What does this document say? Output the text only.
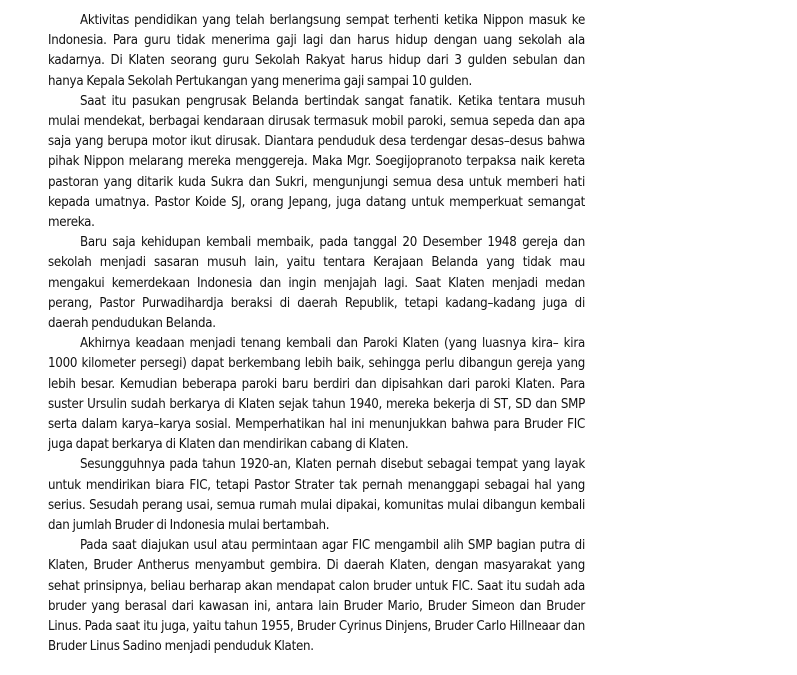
Aktivitas pendidikan yang telah berlangsung sempat terhenti ketika Nippon masuk ke Indonesia. Para guru tidak menerima gaji lagi dan harus hidup dengan uang sekolah ala kadarnya. Di Klaten seorang guru Sekolah Rakyat harus hidup dari 3 gulden sebulan dan hanya Kepala Sekolah Pertukangan yang menerima gaji sampai 10 gulden.

Saat itu pasukan pengrusak Belanda bertindak sangat fanatik. Ketika tentara musuh mulai mendekat, berbagai kendaraan dirusak termasuk mobil paroki, semua sepeda dan apa saja yang berupa motor ikut dirusak. Diantara penduduk desa terdengar desas–desus bahwa pihak Nippon melarang mereka menggereja. Maka Mgr. Soegijopranoto terpaksa naik kereta pastoran yang ditarik kuda Sukra dan Sukri, mengunjungi semua desa untuk memberi hati kepada umatnya. Pastor Koide SJ, orang Jepang, juga datang untuk memperkuat semangat mereka.

Baru saja kehidupan kembali membaik, pada tanggal 20 Desember 1948 gereja dan sekolah menjadi sasaran musuh lain, yaitu tentara Kerajaan Belanda yang tidak mau mengakui kemerdekaan Indonesia dan ingin menjajah lagi. Saat Klaten menjadi medan perang, Pastor Purwadihardja beraksi di daerah Republik, tetapi kadang–kadang juga di daerah pendudukan Belanda.

Akhirnya keadaan menjadi tenang kembali dan Paroki Klaten (yang luasnya kira– kira 1000 kilometer persegi) dapat berkembang lebih baik, sehingga perlu dibangun gereja yang lebih besar. Kemudian beberapa paroki baru berdiri dan dipisahkan dari paroki Klaten. Para suster Ursulin sudah berkarya di Klaten sejak tahun 1940, mereka bekerja di ST, SD dan SMP serta dalam karya–karya sosial. Memperhatikan hal ini menunjukkan bahwa para Bruder FIC juga dapat berkarya di Klaten dan mendirikan cabang di Klaten.

Sesungguhnya pada tahun 1920-an, Klaten pernah disebut sebagai tempat yang layak untuk mendirikan biara FIC, tetapi Pastor Strater tak pernah menanggapi sebagai hal yang serius. Sesudah perang usai, semua rumah mulai dipakai, komunitas mulai dibangun kembali dan jumlah Bruder di Indonesia mulai bertambah.

Pada saat diajukan usul atau permintaan agar FIC mengambil alih SMP bagian putra di Klaten, Bruder Antherus menyambut gembira. Di daerah Klaten, dengan masyarakat yang sehat prinsipnya, beliau berharap akan mendapat calon bruder untuk FIC. Saat itu sudah ada bruder yang berasal dari kawasan ini, antara lain Bruder Mario, Bruder Simeon dan Bruder Linus. Pada saat itu juga, yaitu tahun 1955, Bruder Cyrinus Dinjens, Bruder Carlo Hillneaar dan Bruder Linus Sadino menjadi penduduk Klaten.
